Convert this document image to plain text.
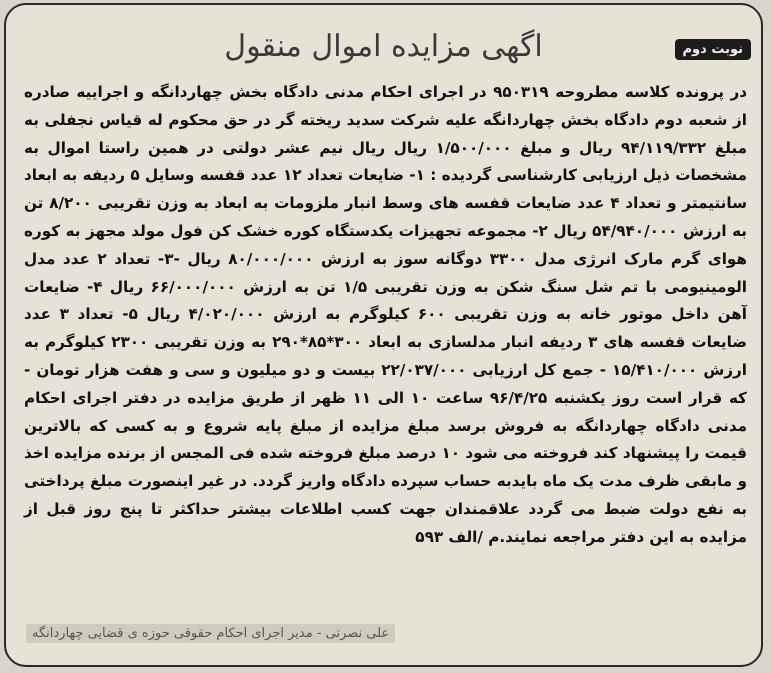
اگهی مزایده اموال منقول	نوبت دوم
در پرونده کلاسه مطروحه ۹۵۰۳۱۹ در اجرای احکام مدنی دادگاه بخش چهاردانگه و اجراییه صادره از شعبه دوم دادگاه بخش چهاردانگه علیه شرکت سدید ریخته گر در حق محکوم له قیاس نجفلی به مبلغ ۹۴/۱۱۹/۳۳۲ ریال و مبلغ ۱/۵۰۰/۰۰۰ ریال ریال نیم عشر دولتی در همین راستا اموال به مشخصات ذیل ارزیابی کارشناسی گردیده : ۱- ضایعات تعداد ۱۲ عدد قفسه وسایل ۵ ردیفه به ابعاد سانتیمتر و تعداد ۴ عدد ضایعات قفسه های وسط انبار ملزومات به ابعاد به وزن تقریبی ۸/۲۰۰ تن به ارزش ۵۴/۹۴۰/۰۰۰ ریال ۲- مجموعه تجهیزات یکدستگاه کوره خشک کن فول مولد مجهز به کوره هوای گرم مارک انرژی مدل ۳۳۰۰ دوگانه سوز به ارزش ۸۰/۰۰۰/۰۰۰ ریال -۳- تعداد ۲ عدد مدل الومینیومی با تم شل سنگ شکن به وزن تقریبی ۱/۵ تن به ارزش ۶۶/۰۰۰/۰۰۰ ریال ۴- ضایعات آهن داخل موتور خانه به وزن تقریبی ۶۰۰ کیلوگرم به ارزش ۴/۰۲۰/۰۰۰ ریال ۵- تعداد ۳ عدد ضایعات قفسه های ۳ ردیفه انبار مدلسازی به ابعاد ۳۰۰*۸۵*۲۹۰ به وزن تقریبی ۲۳۰۰ کیلوگرم به ارزش ۱۵/۴۱۰/۰۰۰ - جمع کل ارزیابی ۲۲/۰۳۷/۰۰۰ بیست و دو میلیون و سی و هفت هزار تومان - که قرار است روز یکشنبه ۹۶/۴/۲۵ ساعت ۱۰ الی ۱۱ ظهر از طریق مزایده در دفتر اجرای احکام مدنی دادگاه چهاردانگه به فروش برسد مبلغ مزایده از مبلغ پایه شروع و به کسی که بالاترین قیمت را پیشنهاد کند فروخته می شود ۱۰ درصد مبلغ فروخته شده فی المجس از برنده مزایده اخذ و مابقی ظرف مدت یک ماه بایدبه حساب سپرده دادگاه واریز گردد. در غیر اینصورت مبلغ پرداختی به نفع دولت ضبط می گردد علاقمندان جهت کسب اطلاعات بیشتر حداکثر تا پنج روز قبل از مزایده به این دفتر مراجعه نمایند.م /الف ۵۹۳
علی نصرتی - مدیر اجرای احکام حقوقی حوزه ی قضایی چهاردانگه
